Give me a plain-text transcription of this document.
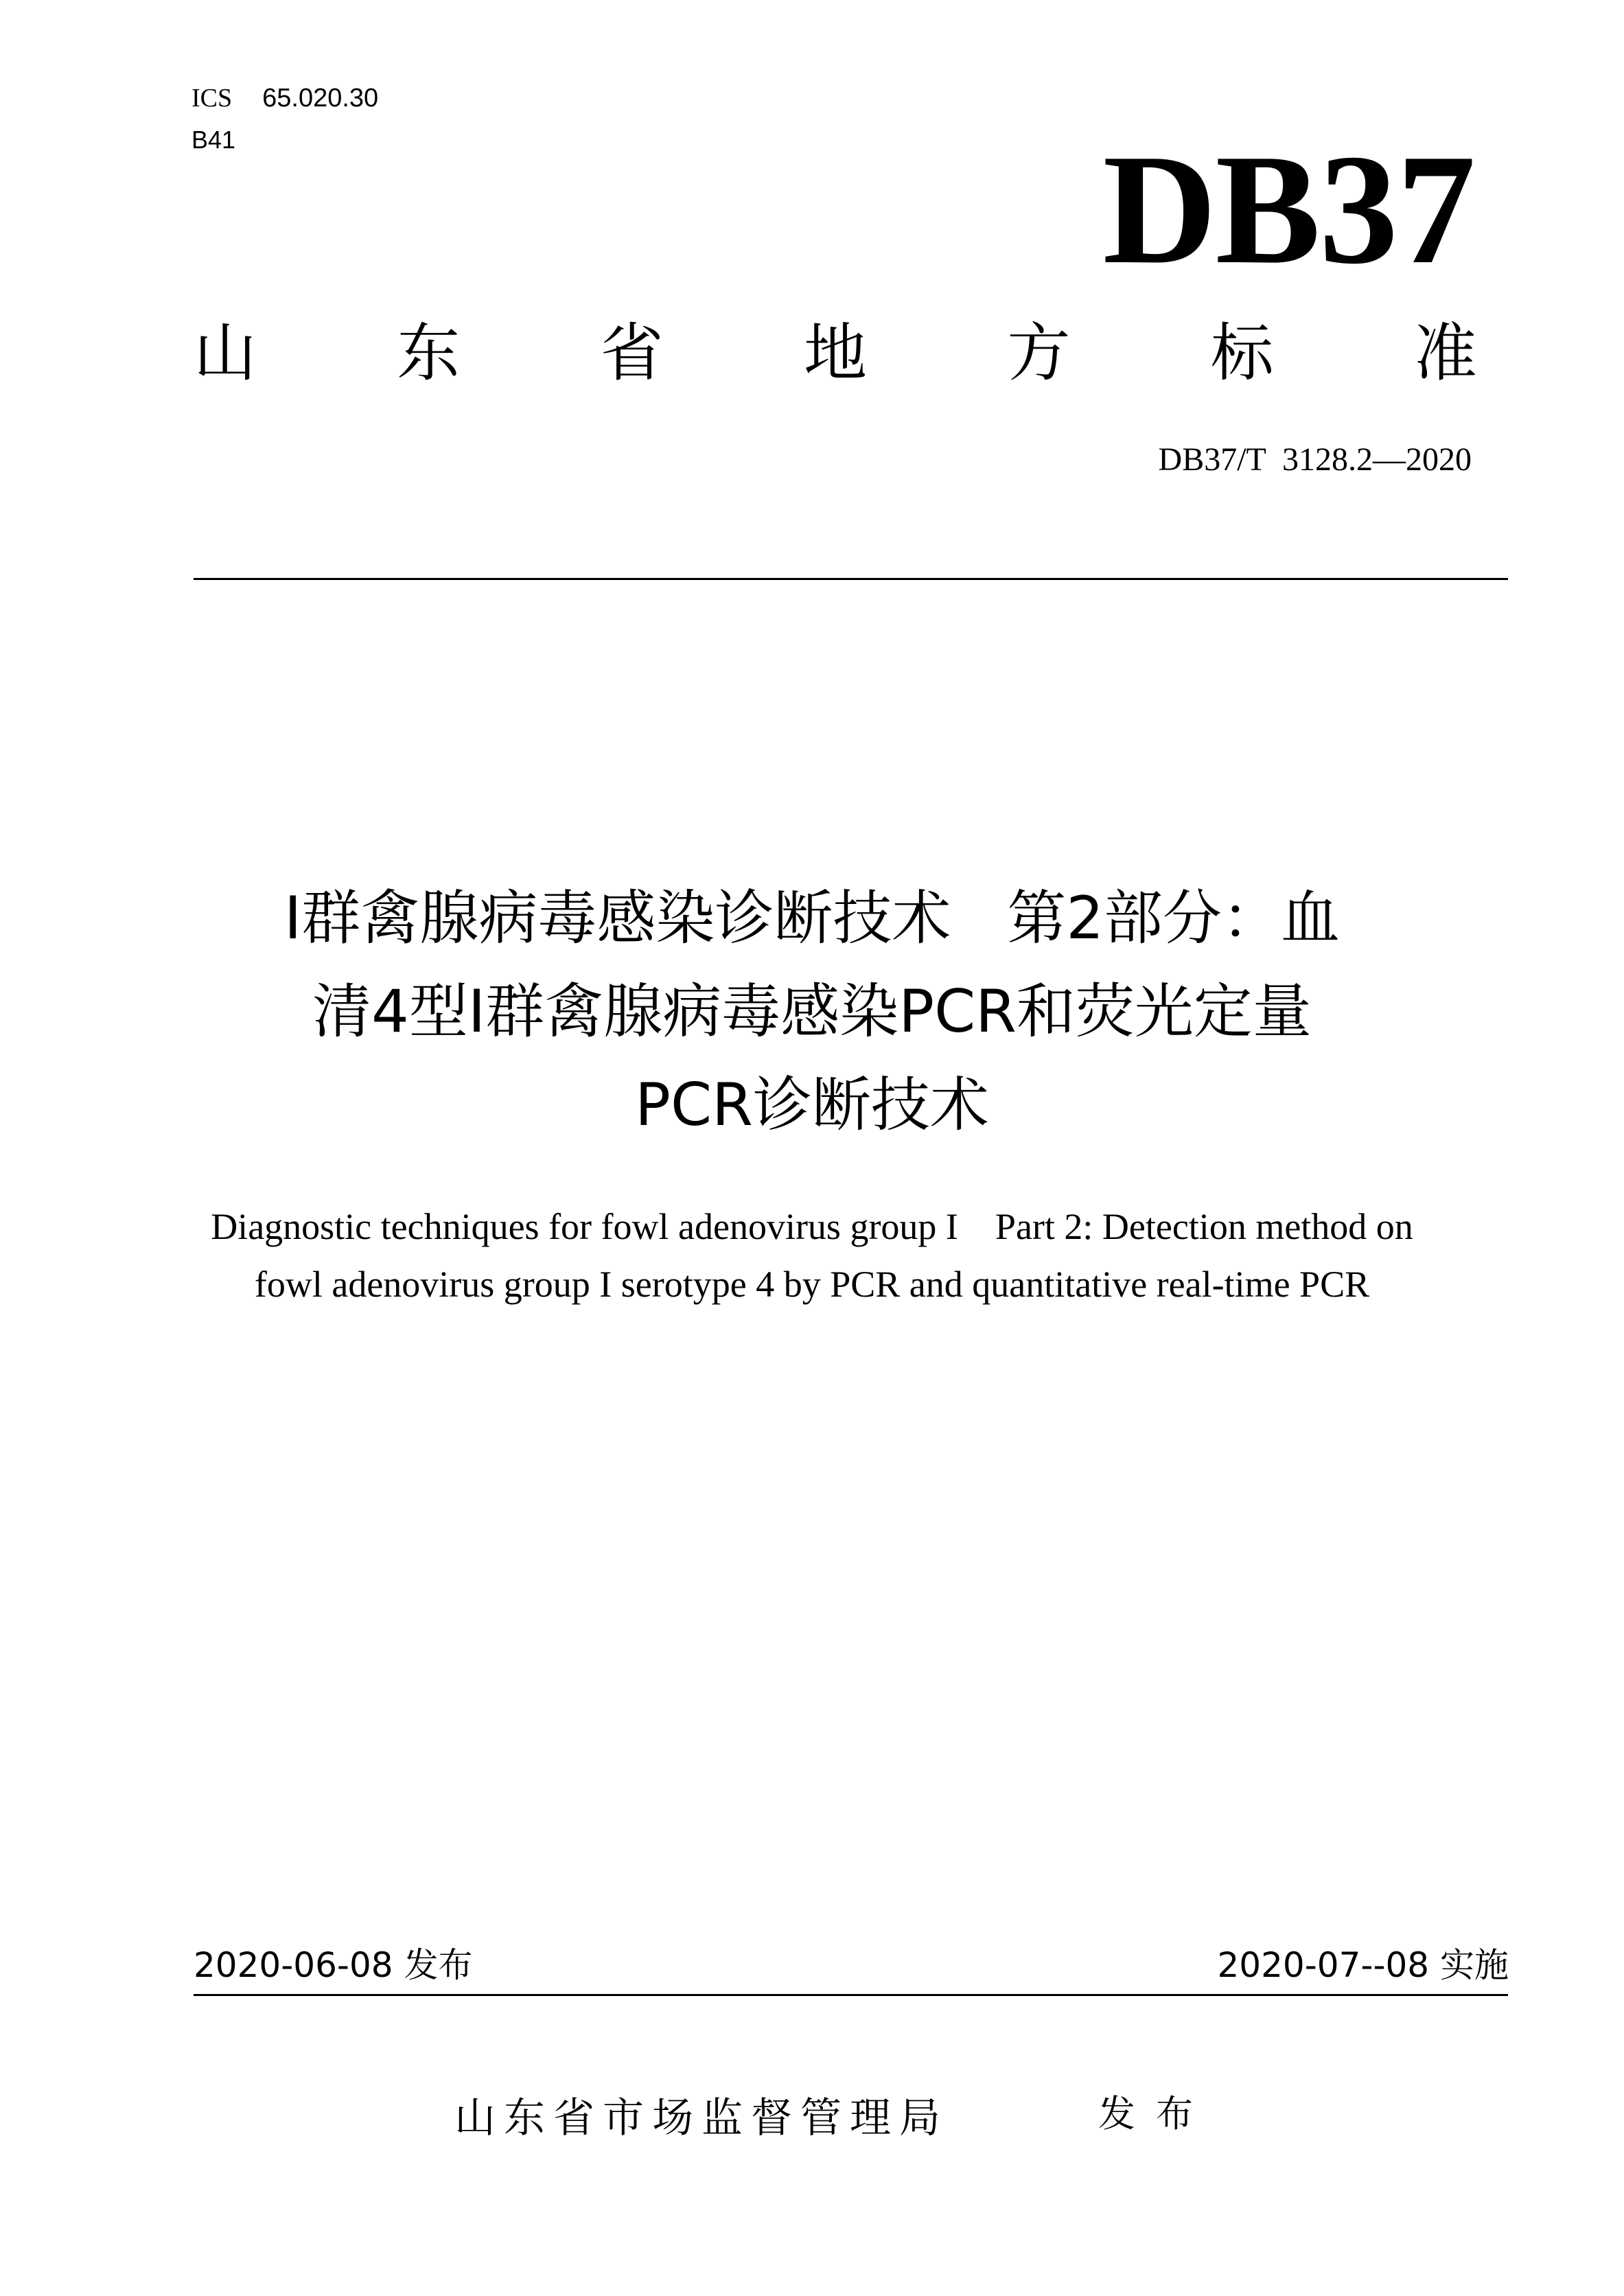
ICS 65.020.30
B41	DB37
山 东 省 地 方 标 准
DB37/T  3128.2—2020
Ⅰ群禽腺病毒感染诊断技术   第2部分：血
清4型Ⅰ群禽腺病毒感染PCR和荧光定量
PCR诊断技术
Diagnostic techniques for fowl adenovirus group I    Part 2: Detection method on
fowl adenovirus group I serotype 4 by PCR and quantitative real-time PCR
2020-06-08 发布	2020-07--08 实施
山东省市场监督管理局	发布
